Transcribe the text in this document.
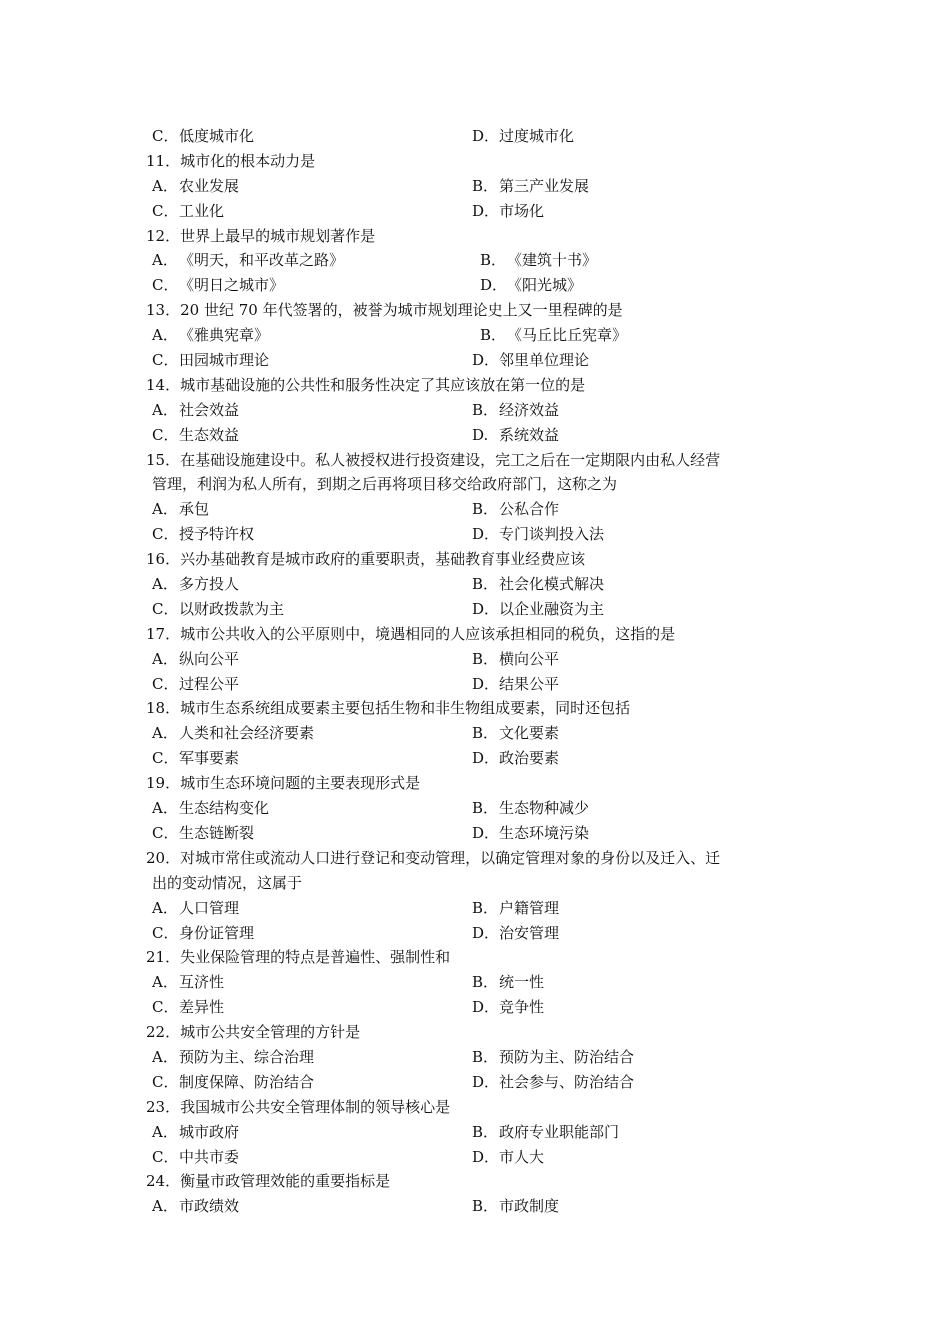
C．低度城市化	D．过度城市化
11．城市化的根本动力是
A．农业发展	B．第三产业发展
C．工业化	D．市场化
12．世界上最早的城市规划著作是
A．《明天，和平改革之路》	B．《建筑十书》
C．《明日之城市》	D．《阳光城》
13．20 世纪 70 年代签署的，被誉为城市规划理论史上又一里程碑的是
A．《雅典宪章》	B．《马丘比丘宪章》
C．田园城市理论	D．邻里单位理论
14．城市基础设施的公共性和服务性决定了其应该放在第一位的是
A．社会效益	B．经济效益
C．生态效益	D. 系统效益
15．在基础设施建设中。私人被授权进行投资建设，完工之后在一定期限内由私人经营
管理，利润为私人所有，到期之后再将项目移交给政府部门，这称之为
A．承包	B．公私合作
C．授予特许权	D．专门谈判投入法
16．兴办基础教育是城市政府的重要职责，基础教育事业经费应该
A．多方投人	B．社会化模式解决
C．以财政拨款为主	D．以企业融资为主
17．城市公共收入的公平原则中，境遇相同的人应该承担相同的税负，这指的是
A．纵向公平	B．横向公平
C．过程公平	D．结果公平
18．城市生态系统组成要素主要包括生物和非生物组成要素，同时还包括
A．人类和社会经济要素	B．文化要素
C．军事要素	D．政治要素
19．城市生态环境问题的主要表现形式是
A．生态结构变化	B．生态物种减少
C．生态链断裂	D．生态环境污染
20．对城市常住或流动人口进行登记和变动管理，以确定管理对象的身份以及迁入、迁
出的变动情况，这属于
A．人口管理	B．户籍管理
C．身份证管理	D．治安管理
21．失业保险管理的特点是普遍性、强制性和
A．互济性	B．统一性
C．差异性	D．竞争性
22．城市公共安全管理的方针是
A．预防为主、综合治理	B．预防为主、防治结合
C．制度保障、防治结合	D．社会参与、防治结合
23．我国城市公共安全管理体制的领导核心是
A．城市政府	B．政府专业职能部门
C．中共市委	D．市人大
24．衡量市政管理效能的重要指标是
A．市政绩效	B．市政制度
